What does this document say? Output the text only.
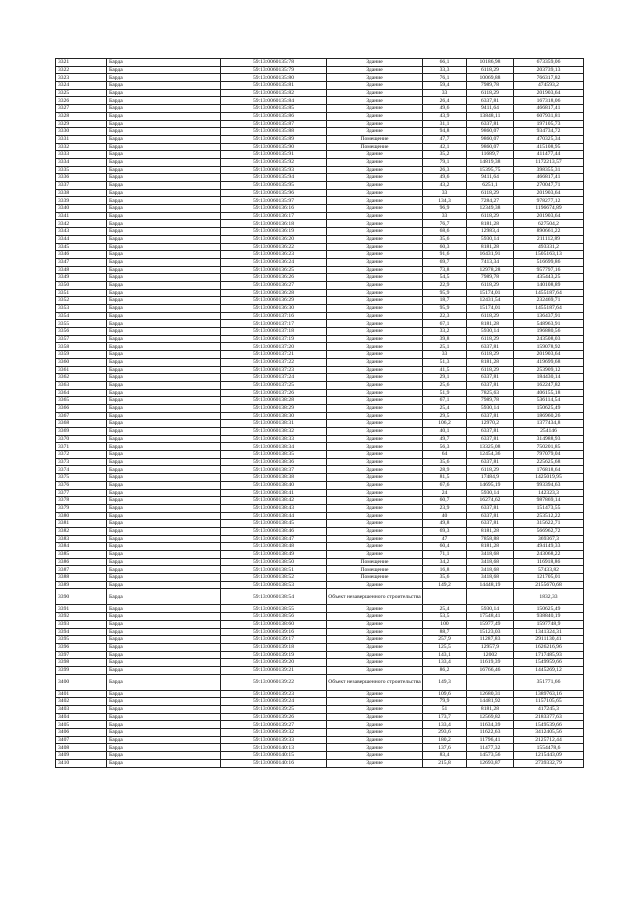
3321	Барда	59:13:0060135:78	Здание	66,1	10186,98	673359,06
3322	Барда	59:13:0060135:79	Здание	33,3	6118,29	203739,13
3323	Барда	59:13:0060135:80	Здание	76,1	10069,88	766317,82
3324	Барда	59:13:0060135:81	Здание	59,4	7989,78	474593,2
3325	Барда	59:13:0060135:82	Здание	33	6118,29	201903,64
3326	Барда	59:13:0060135:84	Здание	26,4	6337,81	167318,06
3327	Барда	59:13:0060135:85	Здание	49,6	9411,64	466817,41
3328	Барда	59:13:0060135:86	Здание	43,9	13848,11	607931,81
3329	Барда	59:13:0060135:87	Здание	31,1	6337,81	197105,73
3330	Барда	59:13:0060135:88	Здание	94,8	9860,07	934734,72
3331	Барда	59:13:0060135:89	Помещение	47,7	9860,07	470325,34
3332	Барда	59:13:0060135:90	Помещение	42,1	9860,07	415108,95
3333	Барда	59:13:0060135:91	Здание	35,2	11689,7	411477,44
3334	Барда	59:13:0060135:92	Здание	79,1	14819,38	1172213,57
3335	Барда	59:13:0060135:93	Здание	26,3	15395,75	398355,31
3336	Барда	59:13:0060135:94	Здание	49,6	9411,64	466817,41
3337	Барда	59:13:0060135:95	Здание	43,2	6251,1	270047,71
3338	Барда	59:13:0060135:96	Здание	33	6118,29	201903,64
3339	Барда	59:13:0060135:97	Здание	134,3	7284,27	978277,12
3340	Барда	59:13:0060136:16	Здание	96,9	12349,38	1196674,89
3341	Барда	59:13:0060136:17	Здание	33	6118,29	201903,64
3342	Барда	59:13:0060136:18	Здание	76,7	8181,28	627504,2
3343	Барда	59:13:0060136:19	Здание	68,6	12983,4	890661,22
3344	Барда	59:13:0060136:20	Здание	35,6	5930,14	211112,89
3345	Барда	59:13:0060136:22	Здание	60,3	8181,28	493331,2
3346	Барда	59:13:0060136:23	Здание	91,6	16431,91	1505163,13
3347	Барда	59:13:0060136:24	Здание	69,7	7413,34	516699,86
3348	Барда	59:13:0060136:25	Здание	73,8	12978,28	957797,16
3349	Барда	59:13:0060136:26	Здание	54,5	7989,78	435443,25
3350	Барда	59:13:0060136:27	Здание	22,9	6118,29	140108,89
3351	Барда	59:13:0060136:28	Здание	95,9	15174,01	1455187,64
3352	Барда	59:13:0060136:29	Здание	18,7	12431,54	232469,71
3353	Барда	59:13:0060136:30	Здание	95,9	15174,01	1455187,64
3354	Барда	59:13:0060137:16	Здание	22,3	6118,29	136437,91
3355	Барда	59:13:0060137:17	Здание	67,1	8181,28	548963,91
3356	Барда	59:13:0060137:18	Здание	33,2	5930,14	196880,56
3357	Барда	59:13:0060137:19	Здание	39,8	6118,29	243508,03
3358	Барда	59:13:0060137:20	Здание	25,1	6337,81	159078,92
3359	Барда	59:13:0060137:21	Здание	33	6118,29	201903,64
3360	Барда	59:13:0060137:22	Здание	51,3	8181,28	419699,68
3361	Барда	59:13:0060137:23	Здание	41,5	6118,29	253909,12
3362	Барда	59:13:0060137:24	Здание	29,1	6337,81	184430,14
3363	Барда	59:13:0060137:25	Здание	25,6	6337,81	162247,82
3364	Барда	59:13:0060137:26	Здание	51,9	7825,63	406155,18
3365	Барда	59:13:0060138:28	Здание	67,1	7989,78	536114,54
3366	Барда	59:13:0060138:29	Здание	25,4	5930,14	150625,49
3367	Барда	59:13:0060138:30	Здание	29,5	6337,81	186960,26
3368	Барда	59:13:0060138:31	Здание	106,2	12970,2	1377434,8
3369	Барда	59:13:0060138:32	Здание	40,1	6337,81	254146
3370	Барда	59:13:0060138:33	Здание	49,7	6337,81	314988,93
3371	Барда	59:13:0060138:34	Здание	56,3	13325,08	750201,85
3372	Барда	59:13:0060138:35	Здание	64	12454,36	797079,04
3373	Барда	59:13:0060138:36	Здание	35,6	6337,81	225625,68
3374	Барда	59:13:0060138:37	Здание	28,9	6118,29	176818,64
3375	Барда	59:13:0060138:38	Здание	81,5	17484,9	1425019,95
3376	Барда	59:13:0060138:40	Здание	67,6	14695,19	993394,63
3377	Барда	59:13:0060138:41	Здание	24	5930,14	142323,3
3378	Барда	59:13:0060138:42	Здание	60,7	16274,62	987869,14
3379	Барда	59:13:0060138:43	Здание	23,9	6337,81	151473,55
3380	Барда	59:13:0060138:44	Здание	40	6337,81	253512,22
3381	Барда	59:13:0060138:45	Здание	49,8	6337,81	315622,71
3382	Барда	59:13:0060138:46	Здание	69,3	8181,28	566962,72
3383	Барда	59:13:0060138:47	Здание	47	7858,88	369367,3
3384	Барда	59:13:0060138:48	Здание	60,4	8181,28	494149,33
3385	Барда	59:13:0060138:49	Здание	71,1	3418,68	243068,22
3386	Барда	59:13:0060138:50	Помещение	34,2	3418,68	116918,86
3387	Барда	59:13:0060138:51	Помещение	16,8	3418,68	57433,82
3388	Барда	59:13:0060138:52	Помещение	35,6	3418,68	121705,01
3389	Барда	59:13:0060138:53	Здание	149,2	14448,19	2155670,68
3390	Барда	59:13:0060138:54	Объект незавершенного строительства			1832,33
3391	Барда	59:13:0060138:55	Здание	25,4	5930,14	150625,49
3392	Барда	59:13:0060138:56	Здание	53,5	17548,41	938840,19
3393	Барда	59:13:0060138:60	Здание	100	15977,49	1597748,9
3394	Барда	59:13:0060139:16	Здание	88,7	15123,03	1341324,31
3395	Барда	59:13:0060139:17	Здание	257,9	11287,83	2911130,41
3396	Барда	59:13:0060139:18	Здание	125,5	12957,9	1626216,96
3397	Барда	59:13:0060139:19	Здание	143,1	12002	1717485,93
3398	Барда	59:13:0060139:20	Здание	133,4	11619,39	1549959,66
3399	Барда	59:13:0060139:21	Здание	86,2	16766,46	1445269,12
3400	Барда	59:13:0060139:22	Объект незавершенного строительства	149,3		351771,66
3401	Барда	59:13:0060139:23	Здание	109,6	12680,31	1389763,16
3402	Барда	59:13:0060139:24	Здание	79,9	14481,92	1157105,65
3403	Барда	59:13:0060139:25	Здание	51	8181,28	417245,3
3404	Барда	59:13:0060139:26	Здание	173,7	12569,82	2183377,63
3405	Барда	59:13:0060139:27	Здание	133,4	11634,39	1549539,66
3406	Барда	59:13:0060139:32	Здание	293,6	11622,63	3412405,56
3407	Барда	59:13:0060139:33	Здание	180,2	11796,41	2125712,44
3408	Барда	59:13:0060140:13	Здание	137,6	11477,32	1554478,6
3409	Барда	59:13:0060140:15	Здание	83,4	14573,56	1215443,09
3410	Барда	59:13:0060140:16	Здание	215,8	12693,87	2739332,79
